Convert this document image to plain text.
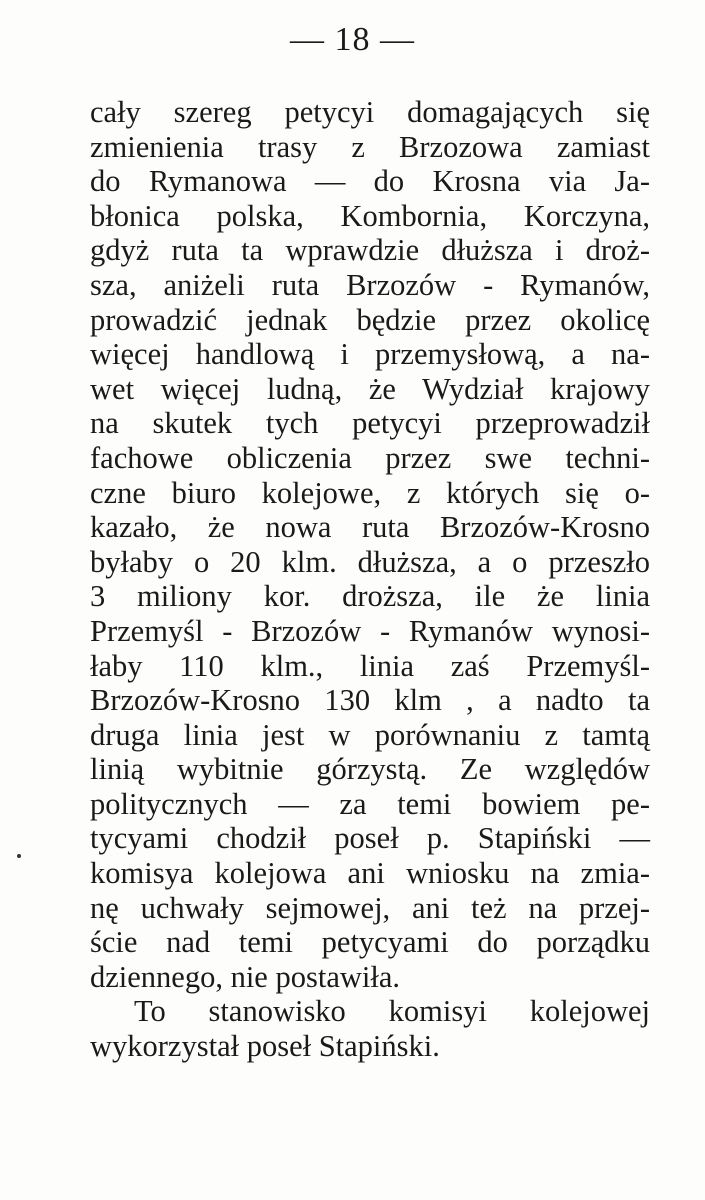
— 18 —
cały szereg petycyi domagających się
zmienienia trasy z Brzozowa zamiast
do Rymanowa — do Krosna via Ja-
błonica polska, Kombornia, Korczyna,
gdyż ruta ta wprawdzie dłuższa i droż-
sza, aniżeli ruta Brzozów - Rymanów,
prowadzić jednak będzie przez okolicę
więcej handlową i przemysłową, a na-
wet więcej ludną, że Wydział krajowy
na skutek tych petycyi przeprowadził
fachowe obliczenia przez swe techni-
czne biuro kolejowe, z których się o-
kazało, że nowa ruta Brzozów-Krosno
byłaby o 20 klm. dłuższa, a o przeszło
3 miliony kor. droższa, ile że linia
Przemyśl - Brzozów - Rymanów wynosi-
łaby 110 klm., linia zaś Przemyśl-
Brzozów-Krosno 130 klm , a nadto ta
druga linia jest w porównaniu z tamtą
linią wybitnie górzystą. Ze względów
politycznych — za temi bowiem pe-
tycyami chodził poseł p. Stapiński —
komisya kolejowa ani wniosku na zmia-
nę uchwały sejmowej, ani też na przej-
ście nad temi petycyami do porządku
dziennego, nie postawiła.
To stanowisko komisyi kolejowej
wykorzystał poseł Stapiński.
